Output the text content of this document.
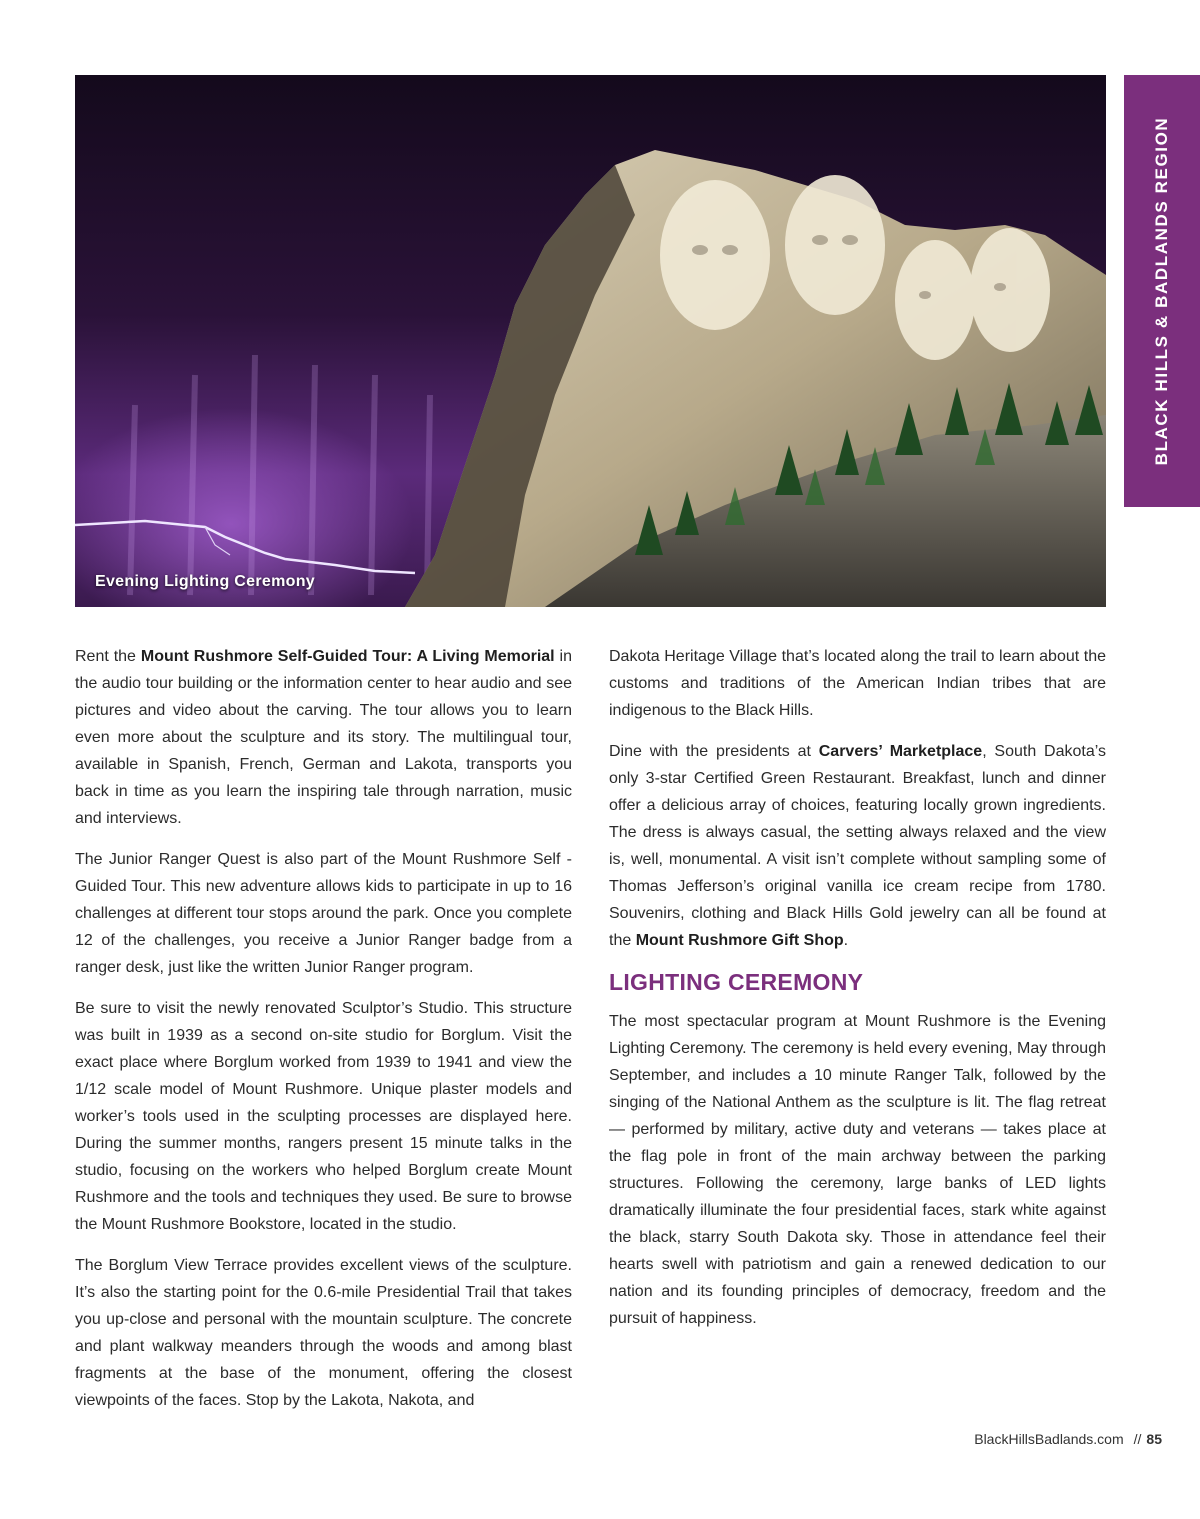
Evening Lighting Ceremony
BLACK HILLS & BADLANDS REGION

Rent the Mount Rushmore Self-Guided Tour: A Living Memorial in the audio tour building or the information center to hear audio and see pictures and video about the carving. The tour allows you to learn even more about the sculpture and its story. The multilingual tour, available in Spanish, French, German and Lakota, transports you back in time as you learn the inspiring tale through narration, music and interviews.

The Junior Ranger Quest is also part of the Mount Rushmore Self -Guided Tour. This new adventure allows kids to participate in up to 16 challenges at different tour stops around the park. Once you complete 12 of the challenges, you receive a Junior Ranger badge from a ranger desk, just like the written Junior Ranger program.

Be sure to visit the newly renovated Sculptor’s Studio. This structure was built in 1939 as a second on-site studio for Borglum. Visit the exact place where Borglum worked from 1939 to 1941 and view the 1/12 scale model of Mount Rushmore. Unique plaster models and worker’s tools used in the sculpting processes are displayed here. During the summer months, rangers present 15 minute talks in the studio, focusing on the workers who helped Borglum create Mount Rushmore and the tools and techniques they used. Be sure to browse the Mount Rushmore Bookstore, located in the studio.

The Borglum View Terrace provides excellent views of the sculpture. It’s also the starting point for the 0.6-mile Presidential Trail that takes you up-close and personal with the mountain sculpture. The concrete and plant walkway meanders through the woods and among blast fragments at the base of the monument, offering the closest viewpoints of the faces. Stop by the Lakota, Nakota, and

Dakota Heritage Village that’s located along the trail to learn about the customs and traditions of the American Indian tribes that are indigenous to the Black Hills.

Dine with the presidents at Carvers’ Marketplace, South Dakota’s only 3-star Certified Green Restaurant. Breakfast, lunch and dinner offer a delicious array of choices, featuring locally grown ingredients. The dress is always casual, the setting always relaxed and the view is, well, monumental. A visit isn’t complete without sampling some of Thomas Jefferson’s original vanilla ice cream recipe from 1780. Souvenirs, clothing and Black Hills Gold jewelry can all be found at the Mount Rushmore Gift Shop.

LIGHTING CEREMONY

The most spectacular program at Mount Rushmore is the Evening Lighting Ceremony. The ceremony is held every evening, May through September, and includes a 10 minute Ranger Talk, followed by the singing of the National Anthem as the sculpture is lit. The flag retreat — performed by military, active duty and veterans — takes place at the flag pole in front of the main archway between the parking structures. Following the ceremony, large banks of LED lights dramatically illuminate the four presidential faces, stark white against the black, starry South Dakota sky. Those in attendance feel their hearts swell with patriotism and gain a renewed dedication to our nation and its founding principles of democracy, freedom and the pursuit of happiness.

BlackHillsBadlands.com // 85
